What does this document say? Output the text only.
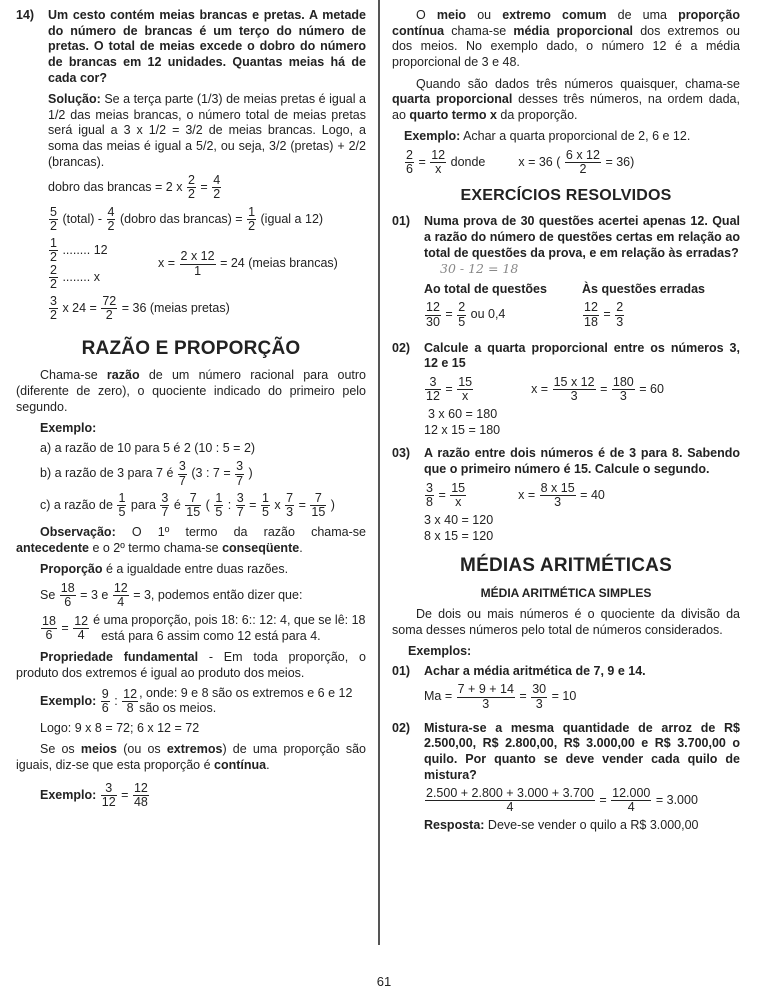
14)	Um cesto contém meias brancas e pretas. A metade do número de brancas é um terço do número de pretas. O total de meias excede o dobro do número de brancas em 12 unidades. Quantas meias há de cada cor?

Solução: Se a terça parte (1/3) de meias pretas é igual a 1/2 das meias brancas, o número total de meias pretas será igual a 3 x 1/2 = 3/2 de meias brancas. Logo, a soma das meias é igual a 5/2, ou seja, 3/2 (pretas) + 2/2 (brancas).

dobro das brancas = 2 x $\frac{2}{2} = \frac{4}{2}$
$\frac{5}{2}$ (total) - $\frac{4}{2}$ (dobro das brancas) = $\frac{1}{2}$ (igual a 12)
$\frac{1}{2}$ ........ 12
$\frac{2}{2}$ ........ x
$x = \frac{2 x 12}{1} = 24$ (meias brancas)
$\frac{3}{2}$ x $24 = \frac{72}{2} = 36$ (meias pretas)
RAZÃO E PROPORÇÃO

Chama-se razão de um número racional para outro (diferente de zero), o quociente indicado do primeiro pelo segundo.

Exemplo:

a) a razão de 10 para 5 é 2 (10 : 5 = 2)

b) a razão de 3 para 7 é $\frac{3}{7} (3$ : $7 = \frac{3}{7}$ )
c) a razão de $\frac{1}{5}$ para $\frac{3}{7}$ é $\frac{7}{15}$ ( $\frac{1}{5}$ : $\frac{3}{7} = \frac{1}{5}$ x $\frac{7}{3} = \frac{7}{15}$ )

Observação: O 1º termo da razão chama-se antecedente e o 2º termo chama-se conseqüente.

Proporção é a igualdade entre duas razões.

Se $\frac{18}{6} = 3$ e $\frac{12}{4} = 3$, podemos então dizer que:
$\frac{18}{6} = \frac{12}{4}$ é uma proporção, pois 18: 6:: 12: 4, que se lê: 18
está para 6 assim como 12 está para 4.

Propriedade fundamental - Em toda proporção, o produto dos extremos é igual ao produto dos meios.

Exemplo: $\frac{9}{6}$ : $\frac{12}{8}$ , onde: 9 e 8 são os extremos e 6 e 12 são os meios.

Logo: 9 x 8 = 72; 6 x 12 = 72

Se os meios (ou os extremos) de uma proporção são iguais, diz-se que esta proporção é contínua.

Exemplo: $\frac{3}{12} = \frac{12}{48}$

O meio ou extremo comum de uma proporção contínua chama-se média proporcional dos extremos ou dos meios. No exemplo dado, o número 12 é a média proporcional de 3 e 48.

Quando são dados três números quaisquer, chama-se quarta proporcional desses três números, na ordem dada, ao quarto termo x da proporção.

Exemplo: Achar a quarta proporcional de 2, 6 e 12.

$\frac{2}{6} = \frac{12}{x}$ donde	x = 36 ( $\frac{6 x 12}{2} = 36$)
EXERCÍCIOS RESOLVIDOS
01)	Numa prova de 30 questões acertei apenas 12. Qual a razão do número de questões certas em relação ao total de questões da prova, e em relação às erradas?

30 - 12 = 18

Ao total de questões

$\frac{12}{30} = \frac{2}{5}$ ou 0,4

Às questões erradas

$\frac{12}{18} = \frac{2}{3}$
02)	Calcule a quarta proporcional entre os números 3, 12 e 15

$\frac{3}{12} = \frac{15}{x}$	$x = \frac{15 x 12}{3} = \frac{180}{3} = 60$

3 x 60 = 180

12 x 15 = 180

03)	A razão entre dois números é de 3 para 8. Sabendo que o primeiro número é 15. Calcule o segundo.

$\frac{3}{8} = \frac{15}{x}$	$x = \frac{8 x 15}{3} = 40$

3 x 40 = 120

8 x 15 = 120

MÉDIAS ARITMÉTICAS
MÉDIA ARITMÉTICA SIMPLES

De dois ou mais números é o quociente da divisão da soma desses números pelo total de números considerados.

Exemplos:

01)	Achar a média aritmética de 7, 9 e 14.

$Ma = \frac{7 + 9 + 14}{3} = \frac{30}{3} = 10$
02)	Mistura-se a mesma quantidade de arroz de R$ 2.500,00, R$ 2.800,00, R$ 3.000,00 e R$ 3.700,00 o quilo. Por quanto se deve vender cada quilo de mistura?

$\frac{2.500 + 2.800 + 3.000 + 3.700}{4} = \frac{12.000}{4} = 3.000$

Resposta: Deve-se vender o quilo a R$ 3.000,00

61
